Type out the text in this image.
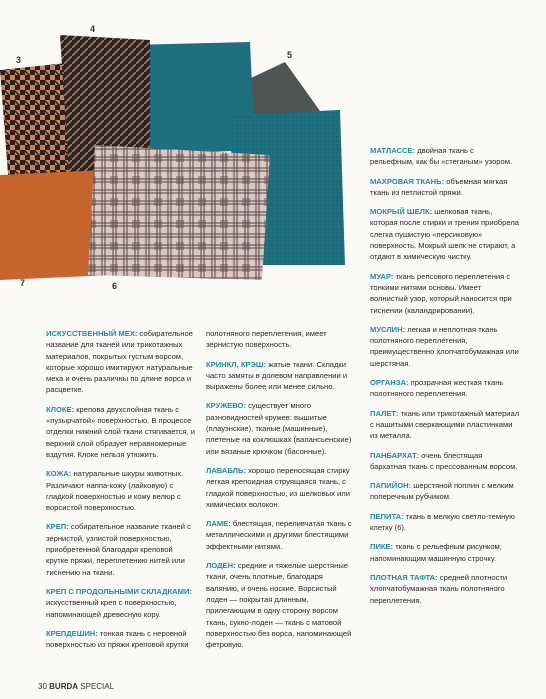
3
4
5
6
7

ИСКУССТВЕННЫЙ МЕХ: собирательное название для тканей или трикотажных материалов, покрытых густым ворсом, которые хорошо имитируют натуральные меха и очень различны по длине ворса и расцветке.

КЛОКЕ: крепова двухслойная ткань с «пузырчатой» поверхностью. В процессе отделки нижний слой ткани стягивается, и верхний слой образует неравномерные вздутия. Клоке нельзя утюжить.

КОЖА: натуральные шкуры животных. Различают наппа-кожу (лайковую) с гладкой поверхностью и кожу велюр с ворсистой поверхностью.

КРЕП: собирательное название тканей с зернистой, узлистой поверхностью, приобретенной благодаря креповой крутке пряжи, переплетению нитей или тиснению на ткани.

КРЕП С ПРОДОЛЬНЫМИ СКЛАДКАМИ: искусственный креп с поверхностью, напоминающей древесную кору.

КРЕПДЕШИН: тонкая ткань с неровной поверхностью из пряжи креповой крутки

полотняного переплетения, имеет зернистую поверхность.

КРИНКЛ, КРЭШ: жатые ткани. Складки часто замяты в долевом направлении и выражены более или менее сильно.

КРУЖЕВО: существует много разновидностей кружев: вышитые (плауэнские), тканые (машинные), плетеные на коклюшках (валансьенские) или вязаные крючком (басонные).

ЛАВАБЛЬ: хорошо переносящая стирку легкая крепоидная струящаяся ткань, с гладкой поверхностью, из шелковых или химических волокон.

ЛАМЕ: блестящая, переливчатая ткань с металлическими и другими блестящими эффектными нитями.

ЛОДЕН: средние и тяжелые шерстяные ткани, очень плотные, благодаря валянию, и очень ноские. Ворсистый лоден — покрытая длинным, прилегающим в одну сторону ворсом ткань, сукно-лоден — ткань с матовой поверхностью без ворса, напоминающей фетровую.

МАТЛАССЕ: двойная ткань с рельефным, как бы «стеганым» узором.

МАХРОВАЯ ТКАНЬ: объемная мягкая ткань из петлистой пряжи.

МОКРЫЙ ШЕЛК: шелковая ткань, которая после стирки и трения приобрела слегка пушистую «персиковую» поверхность. Мокрый шелк не стирают, а отдают в химическую чистку.

МУАР: ткань репсового переплетения с тонкими нитями основы. Имеет волнистый узор, который наносится при тиснении (каландрировании).

МУСЛИН: легкая и неплотная ткань полотняного переплетения, преимущественно хлопчатобумажная или шерстяная.

ОРГАНЗА: прозрачная жесткая ткань полотняного переплетения.

ПАЛЕТ: ткань или трикотажный материал с нашитыми сверкающими пластинками из металла.

ПАНБАРХАТ: очень блестящая бархатная ткань с прессованным ворсом.

ПАПИЙОН: шерстяной поплин с мелким поперечным рубчиком.

ПЕПИТА: ткань в мелкую светло-темную клетку (6).

ПИКЕ: ткань с рельефным рисунком, напоминающим машинную строчку.

ПЛОТНАЯ ТАФТА: средней плотности хлопчатобумажная ткань полотняного переплетения.

30 BURDA SPECIAL
